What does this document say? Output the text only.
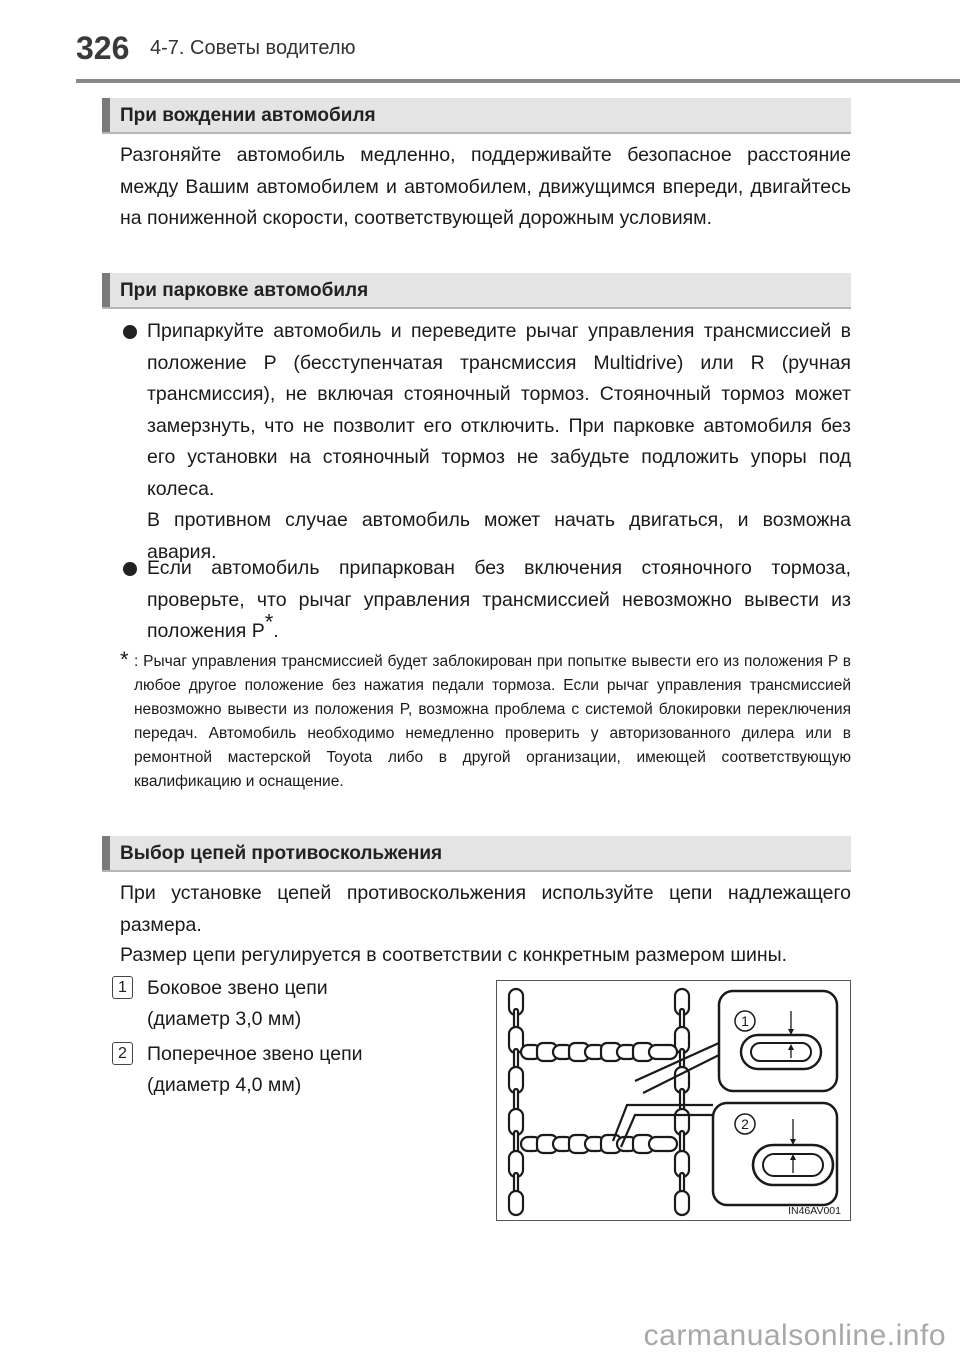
326 4-7. Советы водителю
При вождении автомобиля
Разгоняйте автомобиль медленно, поддерживайте безопасное расстояние между Вашим автомобилем и автомобилем, движущимся впереди, двигайтесь на пониженной скорости, соответствующей дорожным условиям.
При парковке автомобиля

Припаркуйте автомобиль и переведите рычаг управления трансмиссией в положение P (бесступенчатая трансмиссия Multidrive) или R (ручная трансмиссия), не включая стояночный тормоз. Стояночный тормоз может замерзнуть, что не позволит его отключить. При парковке автомобиля без его установки на стояночный тормоз не забудьте подложить упоры под колеса.

В противном случае автомобиль может начать двигаться, и возможна авария.

Если автомобиль припаркован без включения стояночного тормоза, проверьте, что рычаг управления трансмиссией невозможно вывести из положения P*.
* : Рычаг управления трансмиссией будет заблокирован при попытке вывести его из положения P в любое другое положение без нажатия педали тормоза. Если рычаг управления трансмиссией невозможно вывести из положения P, возможна проблема с системой блокировки переключения передач. Автомобиль необходимо немедленно проверить у авторизованного дилера или в ремонтной мастерской Toyota либо в другой организации, имеющей соответствующую квалификацию и оснащение.
Выбор цепей противоскольжения
При установке цепей противоскольжения используйте цепи надлежащего размера.
Размер цепи регулируется в соответствии с конкретным размером шины.
1	Боковое звено цепи
(диаметр 3,0 мм)
2	Поперечное звено цепи
(диаметр 4,0 мм)
1
2
IN46AV001
carmanualsonline.info
